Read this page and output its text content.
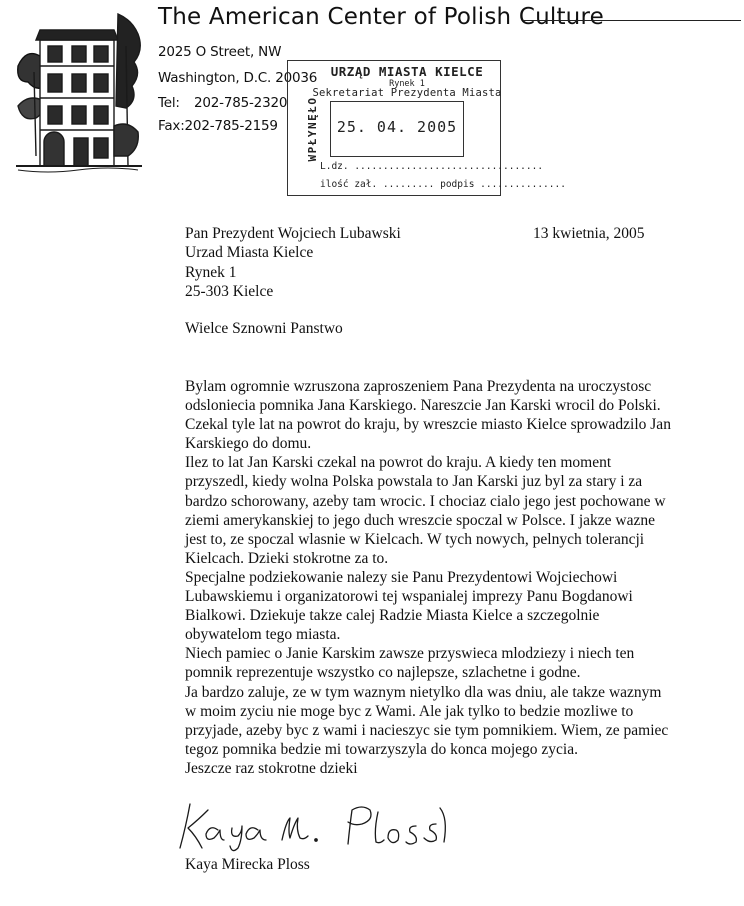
The American Center of Polish Culture
2025 O Street, NW
Washington, D.C. 20036
Tel: 202-785-2320
Fax:202-785-2159	WPŁYNĘŁO
URZĄD MIASTA KIELCE
Rynek 1
Sekretariat Prezydenta Miasta
25. 04. 2005
L.dz. .................................
ilość zał. ......... podpis ...............
Pan Prezydent Wojciech Lubawski
Urzad Miasta Kielce
Rynek 1
25-303 Kielce
13 kwietnia, 2005
Wielce Sznowni Panstwo
Bylam ogromnie wzruszona zaproszeniem Pana Prezydenta na uroczystosc
odsloniecia pomnika Jana Karskiego. Nareszcie Jan Karski wrocil do Polski.
Czekal tyle lat na powrot do kraju, by wreszcie miasto Kielce sprowadzilo Jan
Karskiego do domu.
Ilez to lat Jan Karski czekal na powrot do kraju. A kiedy ten moment
przyszedl, kiedy wolna Polska powstala to Jan Karski juz byl za stary i za
bardzo schorowany, azeby tam wrocic. I chociaz cialo jego jest pochowane w
ziemi amerykanskiej to jego duch wreszcie spoczal w Polsce. I jakze wazne
jest to, ze spoczal wlasnie w Kielcach. W tych nowych, pelnych tolerancji
Kielcach. Dzieki stokrotne za to.
Specjalne podziekowanie nalezy sie Panu Prezydentowi Wojciechowi
Lubawskiemu i organizatorowi tej wspanialej imprezy Panu Bogdanowi
Bialkowi. Dziekuje takze calej Radzie Miasta Kielce a szczegolnie
obywatelom tego miasta.
Niech pamiec o Janie Karskim zawsze przyswieca mlodziezy i niech ten
pomnik reprezentuje wszystko co najlepsze, szlachetne i godne.
Ja bardzo zaluje, ze w tym waznym nietylko dla was dniu, ale takze waznym
w moim zyciu nie moge byc z Wami. Ale jak tylko to bedzie mozliwe to
przyjade, azeby byc z wami i nacieszyc sie tym pomnikiem. Wiem, ze pamiec
tegoz pomnika bedzie mi towarzyszyla do konca mojego zycia.
Jeszcze raz stokrotne dzieki
Kaya Mirecka Ploss
